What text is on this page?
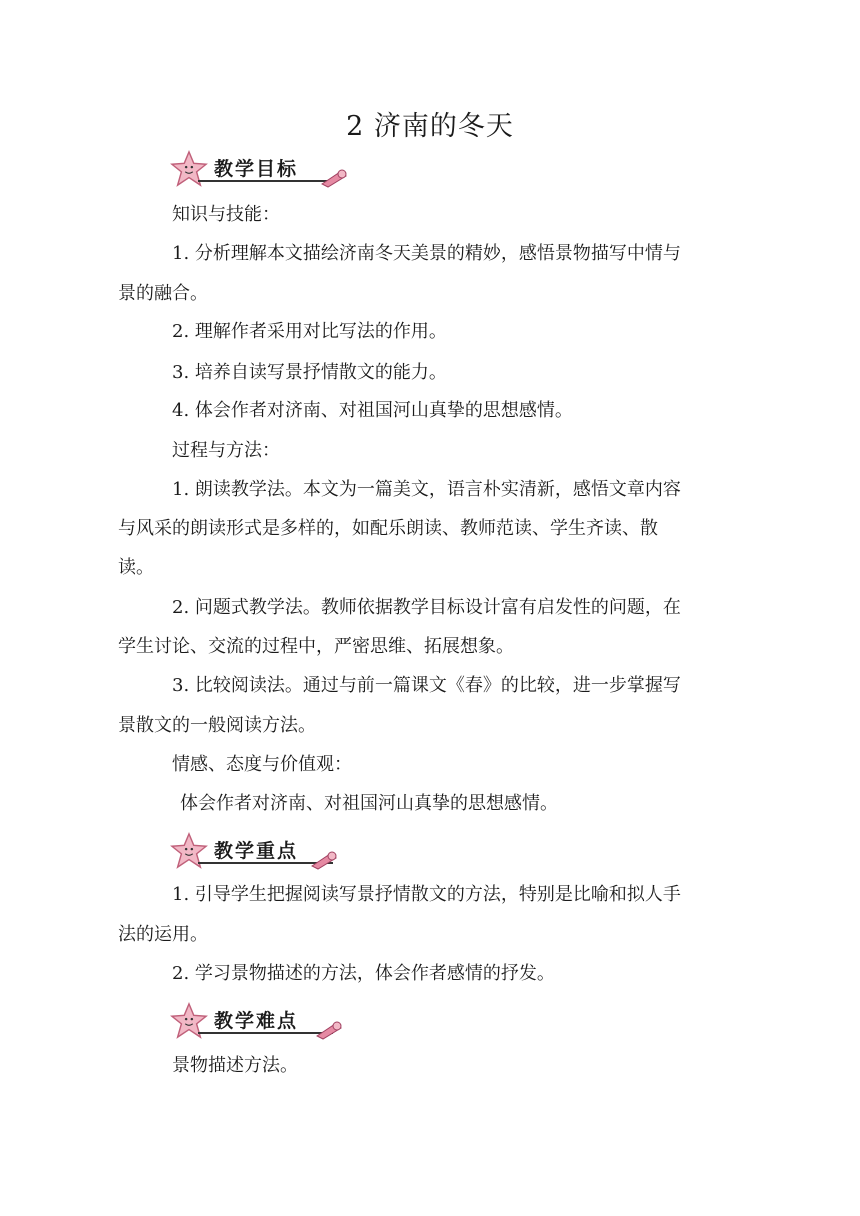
2 济南的冬天
教学目标
知识与技能：
1. 分析理解本文描绘济南冬天美景的精妙，感悟景物描写中情与
景的融合。
2. 理解作者采用对比写法的作用。
3. 培养自读写景抒情散文的能力。
4. 体会作者对济南、对祖国河山真挚的思想感情。
过程与方法：
1. 朗读教学法。本文为一篇美文，语言朴实清新，感悟文章内容
与风采的朗读形式是多样的，如配乐朗读、教师范读、学生齐读、散
读。
2. 问题式教学法。教师依据教学目标设计富有启发性的问题，在
学生讨论、交流的过程中，严密思维、拓展想象。
3. 比较阅读法。通过与前一篇课文《春》的比较，进一步掌握写
景散文的一般阅读方法。
情感、态度与价值观：
体会作者对济南、对祖国河山真挚的思想感情。
教学重点
1. 引导学生把握阅读写景抒情散文的方法，特别是比喻和拟人手
法的运用。
2. 学习景物描述的方法，体会作者感情的抒发。
教学难点
景物描述方法。
